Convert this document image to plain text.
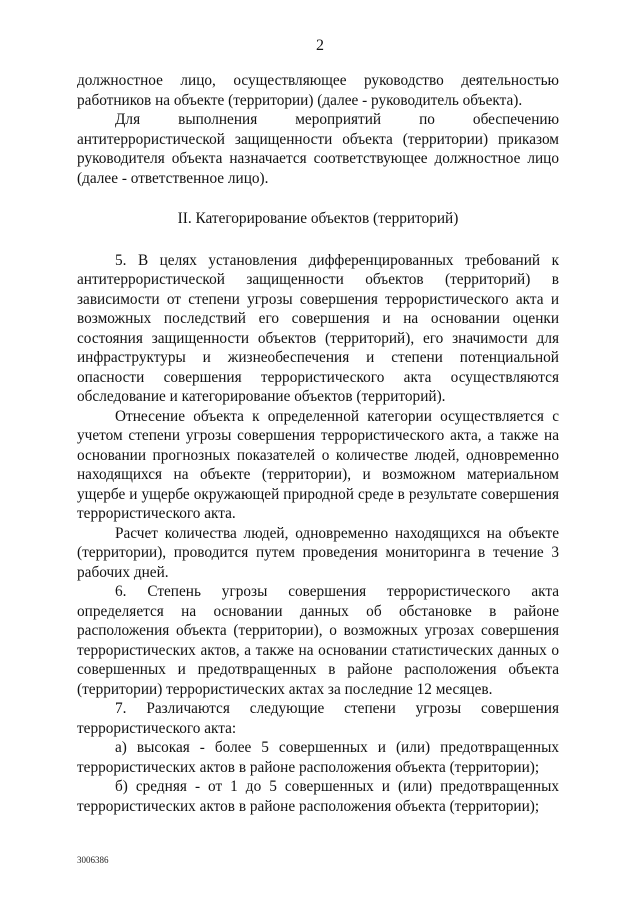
2

должностное лицо, осуществляющее руководство деятельностью работников на объекте (территории) (далее - руководитель объекта).

Для выполнения мероприятий по обеспечению антитеррористической защищенности объекта (территории) приказом руководителя объекта назначается соответствующее должностное лицо (далее - ответственное лицо).

II. Категорирование объектов (территорий)

5. В целях установления дифференцированных требований к антитеррористической защищенности объектов (территорий) в зависимости от степени угрозы совершения террористического акта и возможных последствий его совершения и на основании оценки состояния защищенности объектов (территорий), его значимости для инфраструктуры и жизнеобеспечения и степени потенциальной опасности совершения террористического акта осуществляются обследование и категорирование объектов (территорий).

Отнесение объекта к определенной категории осуществляется с учетом степени угрозы совершения террористического акта, а также на основании прогнозных показателей о количестве людей, одновременно находящихся на объекте (территории), и возможном материальном ущербе и ущербе окружающей природной среде в результате совершения террористического акта.

Расчет количества людей, одновременно находящихся на объекте (территории), проводится путем проведения мониторинга в течение 3 рабочих дней.

6. Степень угрозы совершения террористического акта определяется на основании данных об обстановке в районе расположения объекта (территории), о возможных угрозах совершения террористических актов, а также на основании статистических данных о совершенных и предотвращенных в районе расположения объекта (территории) террористических актах за последние 12 месяцев.

7. Различаются следующие степени угрозы совершения террористического акта:

а) высокая - более 5 совершенных и (или) предотвращенных террористических актов в районе расположения объекта (территории);

б) средняя - от 1 до 5 совершенных и (или) предотвращенных террористических актов в районе расположения объекта (территории);

3006386
